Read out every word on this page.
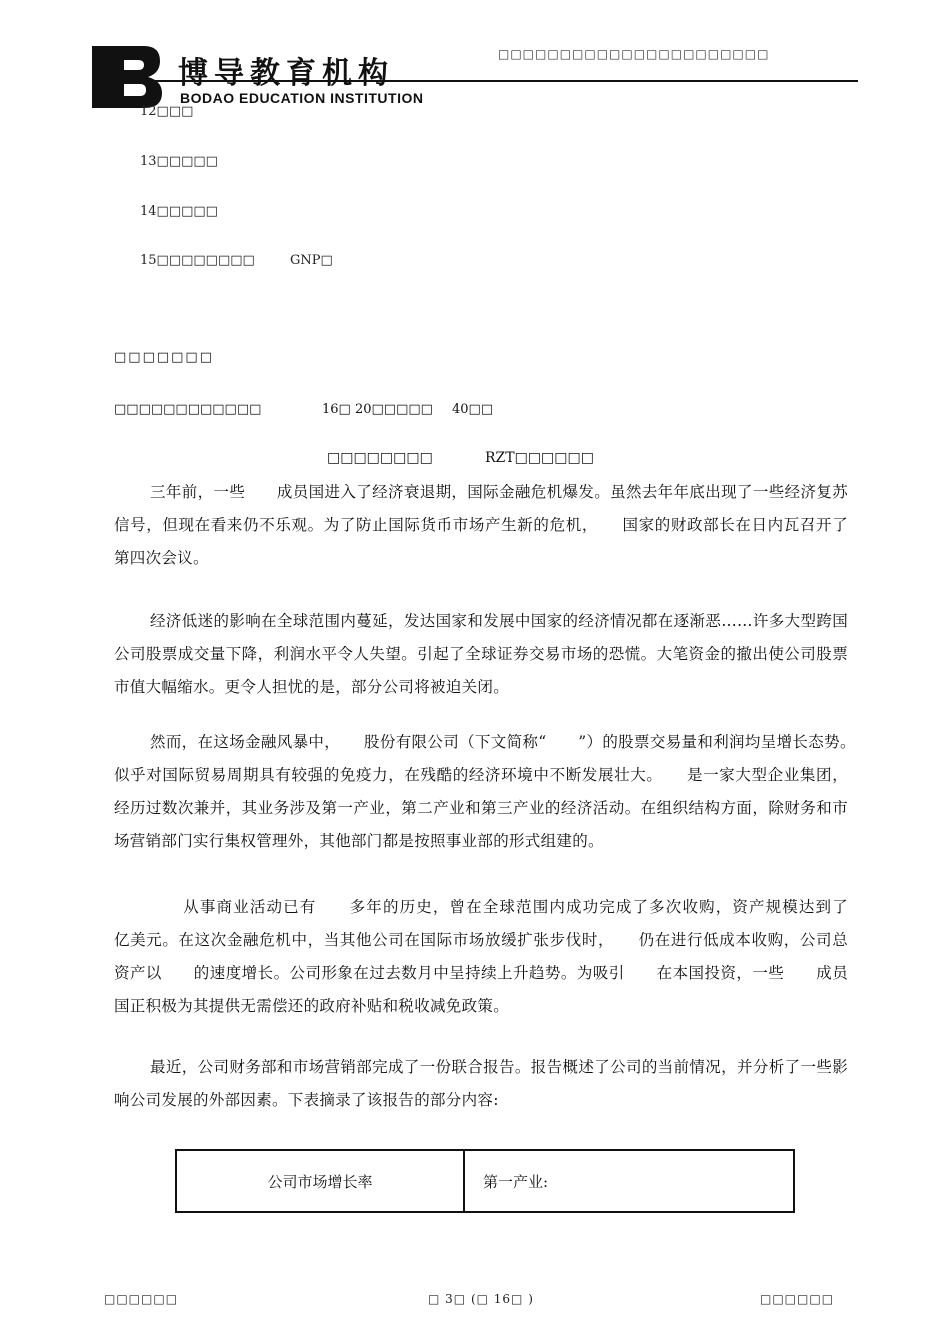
博导教育机构
BODAO EDUCATION INSTITUTION
□□□□□□□□□□□□□□□□□□□□□□
12□□□
13□□□□□
14□□□□□
15□□□□□□□□	GNP□
□□□□□□□
□□□□□□□□□□□□	16□ 20□□□□□ 40□□
□□□□□□□□	RZT□□□□□□

三年前，一些　　成员国进入了经济衰退期，国际金融危机爆发。虽然去年年底出现了一些经济复苏信号，但现在看来仍不乐观。为了防止国际货币市场产生新的危机，　　国家的财政部长在日内瓦召开了第四次会议。

经济低迷的影响在全球范围内蔓延，发达国家和发展中国家的经济情况都在逐渐恶……许多大型跨国公司股票成交量下降，利润水平令人失望。引起了全球证券交易市场的恐慌。大笔资金的撤出使公司股票市值大幅缩水。更令人担忧的是，部分公司将被迫关闭。

然而，在这场金融风暴中，　　股份有限公司（下文简称“　　”）的股票交易量和利润均呈增长态势。　　似乎对国际贸易周期具有较强的免疫力，在残酷的经济环境中不断发展壮大。　　是一家大型企业集团，经历过数次兼并，其业务涉及第一产业，第二产业和第三产业的经济活动。在组织结构方面，除财务和市场营销部门实行集权管理外，其他部门都是按照事业部的形式组建的。

　　从事商业活动已有　　多年的历史，曾在全球范围内成功完成了多次收购，资产规模达到了　　亿美元。在这次金融危机中，当其他公司在国际市场放缓扩张步伐时，　　仍在进行低成本收购，公司总资产以　　的速度增长。公司形象在过去数月中呈持续上升趋势。为吸引　　在本国投资，一些　　成员国正积极为其提供无需偿还的政府补贴和税收减免政策。

最近，公司财务部和市场营销部完成了一份联合报告。报告概述了公司的当前情况，并分析了一些影响公司发展的外部因素。下表摘录了该报告的部分内容:

公司市场增长率	第一产业:
□□□□□□	□ 3□ (□ 16□ )	□□□□□□
